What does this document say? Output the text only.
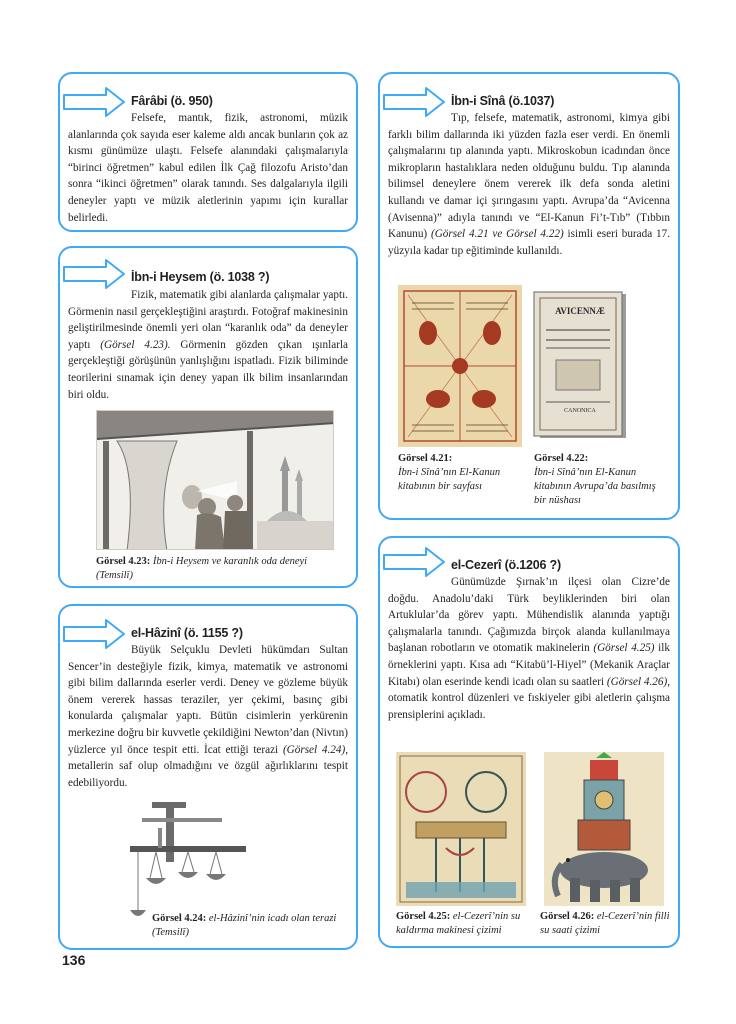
Fârâbi (ö. 950)
Felsefe, mantık, fizik, astronomi, müzik alanlarında çok sayıda eser kaleme aldı ancak bunların çok az kısmı günümüze ulaştı. Felsefe alanındaki çalışmalarıyla “birinci öğretmen” kabul edilen İlk Çağ filozofu Aristo’dan sonra “ikinci öğretmen” olarak tanındı. Ses dalgalarıyla ilgili deneyler yaptı ve müzik aletlerinin yapımı için kurallar belirledi.
İbn-i Heysem (ö. 1038 ?)
Fizik, matematik gibi alanlarda çalışmalar yaptı. Görmenin nasıl gerçekleştiğini araştırdı. Fotoğraf makinesinin geliştirilmesinde önemli yeri olan “karanlık oda” da deneyler yaptı (Görsel 4.23). Görmenin gözden çıkan ışınlarla gerçekleştiği görüşünün yanlışlığını ispatladı. Fizik biliminde teorilerini sınamak için deney yapan ilk bilim insanlarından biri oldu.
Görsel 4.23: İbn-i Heysem ve karanlık oda deneyi (Temsilî)
el-Hâzinî (ö. 1155 ?)
Büyük Selçuklu Devleti hükümdarı Sultan Sencer’in desteğiyle fizik, kimya, matematik ve astronomi gibi bilim dallarında eserler verdi. Deney ve gözleme büyük önem vererek hassas teraziler, yer çekimi, basınç gibi konularda çalışmalar yaptı. Bütün cisimlerin yerkürenin merkezine doğru bir kuvvetle çekildiğini Newton’dan (Nivtın) yüzlerce yıl önce tespit etti. İcat ettiği terazi (Görsel 4.24), metallerin saf olup olmadığını ve özgül ağırlıklarını tespit edebiliyordu.
Görsel 4.24: el-Hâzinî’nin icadı olan terazi (Temsilî)
İbn-i Sînâ (ö.1037)
Tıp, felsefe, matematik, astronomi, kimya gibi farklı bilim dallarında iki yüzden fazla eser verdi. En önemli çalışmalarını tıp alanında yaptı. Mikroskobun icadından önce mikropların hastalıklara neden olduğunu buldu. Tıp alanında bilimsel deneylere önem vererek ilk defa sonda aletini kullandı ve damar içi şırıngasını yaptı. Avrupa’da “Avicenna (Avisenna)” adıyla tanındı ve “El-Kanun Fi’t-Tıb” (Tıbbın Kanunu) (Görsel 4.21 ve Görsel 4.22) isimli eseri burada 17. yüzyıla kadar tıp eğitiminde kullanıldı.
AVICENNÆ
CANONICA
Görsel 4.21:
İbn-i Sînâ’nın El-Kanun kitabının bir sayfası
Görsel 4.22:
İbn-i Sînâ’nın El-Kanun kitabının Avrupa’da basılmış bir nüshası
el-Cezerî (ö.1206 ?)
Günümüzde Şırnak’ın ilçesi olan Cizre’de doğdu. Anadolu’daki Türk beyliklerinden biri olan Artuklular’da görev yaptı. Mühendislik alanında yaptığı çalışmalarla tanındı. Çağımızda birçok alanda kullanılmaya başlanan robotların ve otomatik makinelerin (Görsel 4.25) ilk örneklerini yaptı. Kısa adı “Kitabü’l-Hiyel” (Mekanik Araçlar Kitabı) olan eserinde kendi icadı olan su saatleri (Görsel 4.26), otomatik kontrol düzenleri ve fıskiyeler gibi aletlerin çalışma prensiplerini açıkladı.
Görsel 4.25: el-Cezerî’nin su kaldırma makinesi çizimi
Görsel 4.26: el-Cezerî’nin filli su saati çizimi
136
